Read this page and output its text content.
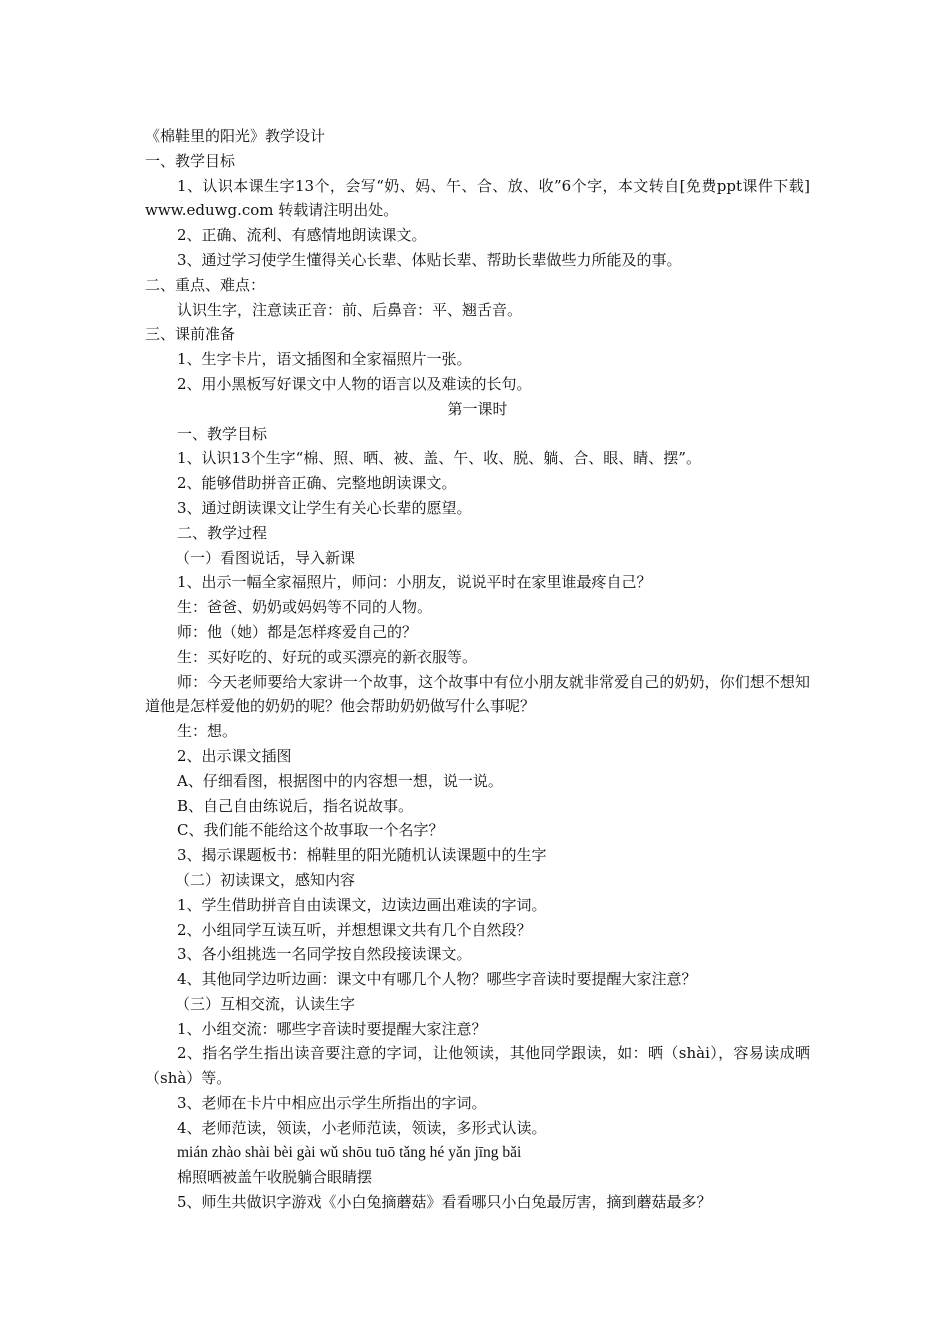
《棉鞋里的阳光》教学设计
一、教学目标
1、认识本课生字13个，会写“奶、妈、午、合、放、收”6个字，本文转自[免费ppt课件下载] www.eduwg.com 转载请注明出处。
2、正确、流利、有感情地朗读课文。
3、通过学习使学生懂得关心长辈、体贴长辈、帮助长辈做些力所能及的事。
二、重点、难点：
认识生字，注意读正音：前、后鼻音：平、翘舌音。
三、课前准备
1、生字卡片，语文插图和全家福照片一张。
2、用小黑板写好课文中人物的语言以及难读的长句。
第一课时
一、教学目标
1、认识13个生字“棉、照、晒、被、盖、午、收、脱、躺、合、眼、睛、摆”。
2、能够借助拼音正确、完整地朗读课文。
3、通过朗读课文让学生有关心长辈的愿望。
二、教学过程
（一）看图说话，导入新课
1、出示一幅全家福照片，师问：小朋友，说说平时在家里谁最疼自己？
生：爸爸、奶奶或妈妈等不同的人物。
师：他（她）都是怎样疼爱自己的？
生：买好吃的、好玩的或买漂亮的新衣服等。
师：今天老师要给大家讲一个故事，这个故事中有位小朋友就非常爱自己的奶奶，你们想不想知道他是怎样爱他的奶奶的呢？他会帮助奶奶做写什么事呢？
生：想。
2、出示课文插图
A、仔细看图，根据图中的内容想一想，说一说。
B、自己自由练说后，指名说故事。
C、我们能不能给这个故事取一个名字？
3、揭示课题板书：棉鞋里的阳光随机认读课题中的生字
（二）初读课文，感知内容
1、学生借助拼音自由读课文，边读边画出难读的字词。
2、小组同学互读互听，并想想课文共有几个自然段？
3、各小组挑选一名同学按自然段接读课文。
4、其他同学边听边画：课文中有哪几个人物？哪些字音读时要提醒大家注意？
（三）互相交流，认读生字
1、小组交流：哪些字音读时要提醒大家注意？
2、指名学生指出读音要注意的字词，让他领读，其他同学跟读，如：晒（shài），容易读成晒（shà）等。
3、老师在卡片中相应出示学生所指出的字词。
4、老师范读，领读，小老师范读，领读，多形式认读。
mián zhào shài bèi gài wǔ shōu tuō tǎng hé yǎn jīng bǎi
棉照晒被盖午收脱躺合眼睛摆
5、师生共做识字游戏《小白兔摘蘑菇》看看哪只小白兔最厉害，摘到蘑菇最多？
